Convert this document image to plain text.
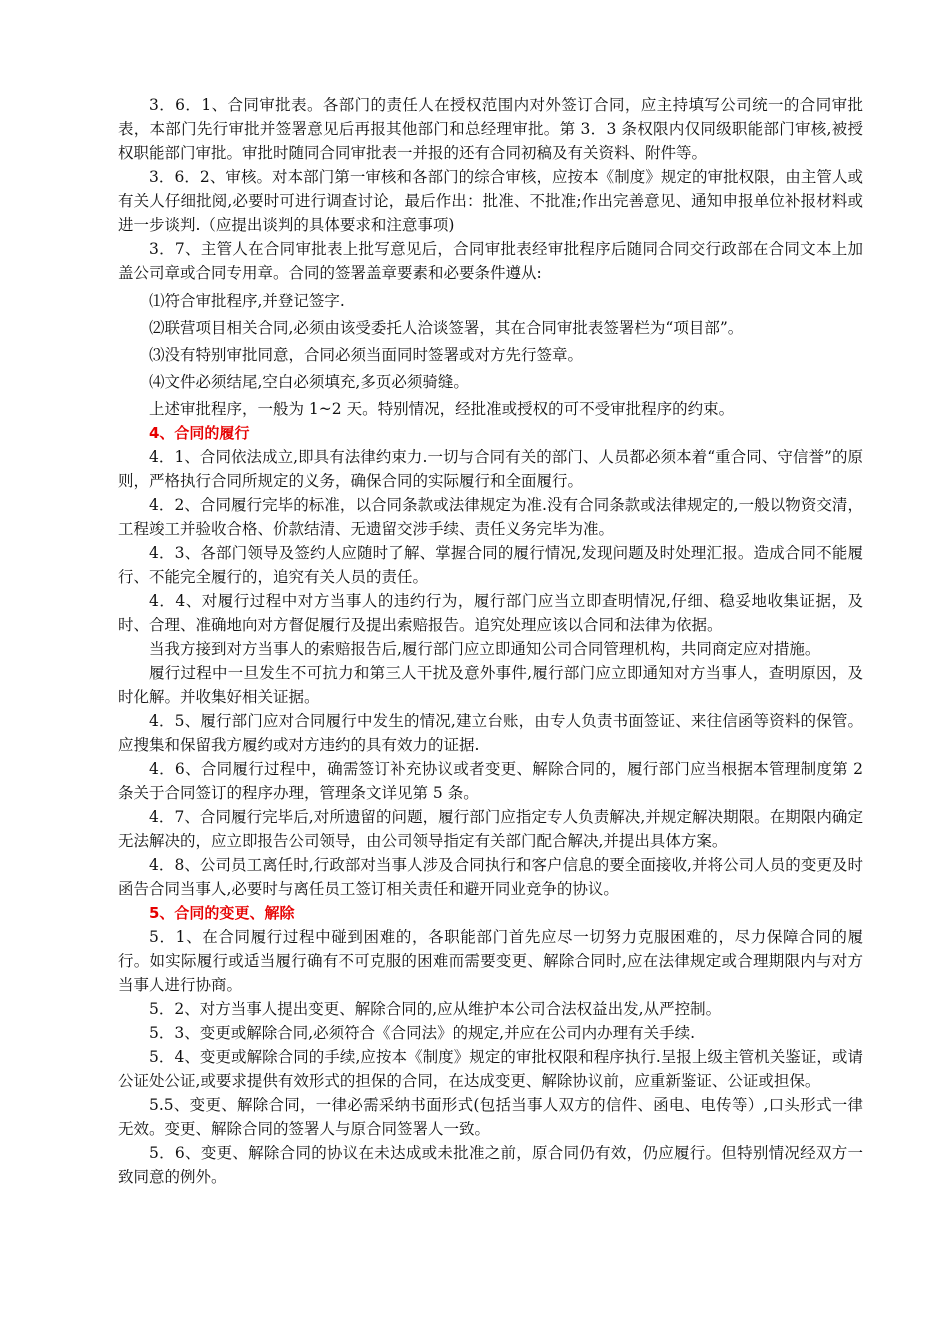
3．6．1、合同审批表。各部门的责任人在授权范围内对外签订合同，应主持填写公司统一的合同审批表，本部门先行审批并签署意见后再报其他部门和总经理审批。第 3．3 条权限内仅同级职能部门审核,被授权职能部门审批。审批时随同合同审批表一并报的还有合同初稿及有关资料、附件等。

3．6．2、审核。对本部门第一审核和各部门的综合审核，应按本《制度》规定的审批权限，由主管人或有关人仔细批阅,必要时可进行调查讨论，最后作出：批准、不批准;作出完善意见、通知申报单位补报材料或进一步谈判.（应提出谈判的具体要求和注意事项)

3．7、主管人在合同审批表上批写意见后，合同审批表经审批程序后随同合同交行政部在合同文本上加盖公司章或合同专用章。合同的签署盖章要素和必要条件遵从:

⑴符合审批程序,并登记签字.

⑵联营项目相关合同,必须由该受委托人洽谈签署，其在合同审批表签署栏为“项目部”。

⑶没有特别审批同意，合同必须当面同时签署或对方先行签章。

⑷文件必须结尾,空白必须填充,多页必须骑缝。

上述审批程序，一般为 1~2 天。特别情况，经批准或授权的可不受审批程序的约束。

4、合同的履行

4．1、合同依法成立,即具有法律约束力.一切与合同有关的部门、人员都必须本着“重合同、守信誉”的原则，严格执行合同所规定的义务，确保合同的实际履行和全面履行。

4．2、合同履行完毕的标准，以合同条款或法律规定为准.没有合同条款或法律规定的,一般以物资交清，工程竣工并验收合格、价款结清、无遗留交涉手续、责任义务完毕为准。

4．3、各部门领导及签约人应随时了解、掌握合同的履行情况,发现问题及时处理汇报。造成合同不能履行、不能完全履行的，追究有关人员的责任。

4．4、对履行过程中对方当事人的违约行为，履行部门应当立即查明情况,仔细、稳妥地收集证据，及时、合理、准确地向对方督促履行及提出索赔报告。追究处理应该以合同和法律为依据。

当我方接到对方当事人的索赔报告后,履行部门应立即通知公司合同管理机构，共同商定应对措施。

履行过程中一旦发生不可抗力和第三人干扰及意外事件,履行部门应立即通知对方当事人，查明原因，及时化解。并收集好相关证据。

4．5、履行部门应对合同履行中发生的情况,建立台账，由专人负责书面签证、来往信函等资料的保管。应搜集和保留我方履约或对方违约的具有效力的证据.

4．6、合同履行过程中，确需签订补充协议或者变更、解除合同的，履行部门应当根据本管理制度第 2 条关于合同签订的程序办理，管理条文详见第 5 条。

4．7、合同履行完毕后,对所遗留的问题，履行部门应指定专人负责解决,并规定解决期限。在期限内确定无法解决的，应立即报告公司领导，由公司领导指定有关部门配合解决,并提出具体方案。

4．8、公司员工离任时,行政部对当事人涉及合同执行和客户信息的要全面接收,并将公司人员的变更及时函告合同当事人,必要时与离任员工签订相关责任和避开同业竞争的协议。

5、合同的变更、解除

5．1、在合同履行过程中碰到困难的，各职能部门首先应尽一切努力克服困难的，尽力保障合同的履行。如实际履行或适当履行确有不可克服的困难而需要变更、解除合同时,应在法律规定或合理期限内与对方当事人进行协商。

5．2、对方当事人提出变更、解除合同的,应从维护本公司合法权益出发,从严控制。

5．3、变更或解除合同,必须符合《合同法》的规定,并应在公司内办理有关手续.

5．4、变更或解除合同的手续,应按本《制度》规定的审批权限和程序执行.呈报上级主管机关鉴证，或请公证处公证,或要求提供有效形式的担保的合同，在达成变更、解除协议前，应重新鉴证、公证或担保。

5.5、变更、解除合同，一律必需采纳书面形式(包括当事人双方的信件、函电、电传等）,口头形式一律无效。变更、解除合同的签署人与原合同签署人一致。

5．6、变更、解除合同的协议在未达成或未批准之前，原合同仍有效，仍应履行。但特别情况经双方一致同意的例外。
